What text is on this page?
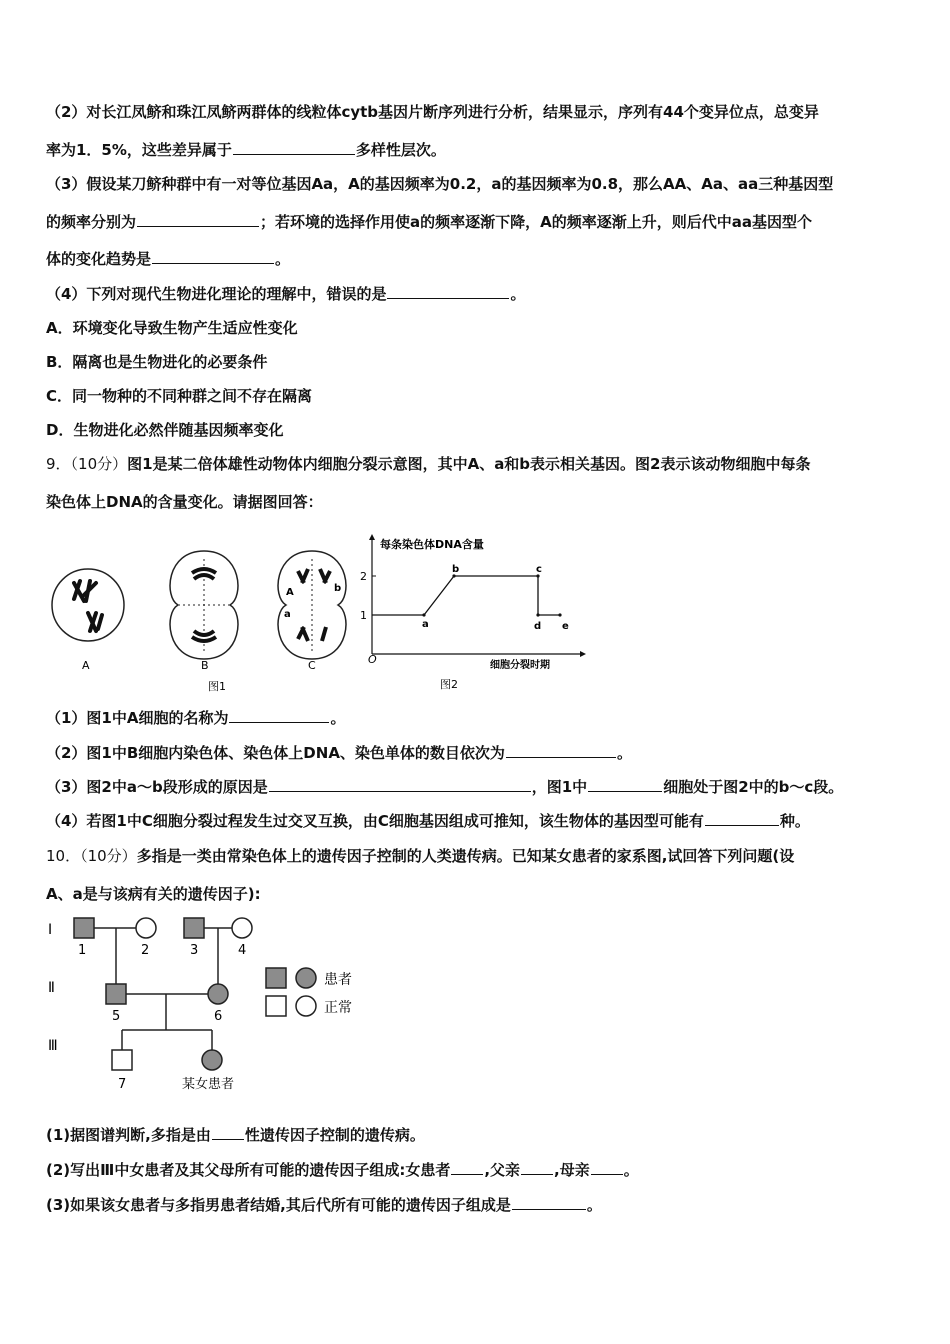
（2）对长江凤鲚和珠江凤鲚两群体的线粒体cytb基因片断序列进行分析，结果显示，序列有44个变异位点，总变异
率为1．5%，这些差异属于	多样性层次。
（3）假设某刀鲚种群中有一对等位基因Aa，A的基因频率为0.2，a的基因频率为0.8，那么AA、Aa、aa三种基因型
的频率分别为	；若环境的选择作用使a的频率逐渐下降，A的频率逐渐上升，则后代中aa基因型个
体的变化趋势是	。
（4）下列对现代生物进化理论的理解中，错误的是	。
A．环境变化导致生物产生适应性变化
B．隔离也是生物进化的必要条件
C．同一物种的不同种群之间不存在隔离
D．生物进化必然伴随基因频率变化
9．（10分）图1是某二倍体雄性动物体内细胞分裂示意图，其中A、a和b表示相关基因。图2表示该动物细胞中每条
染色体上DNA的含量变化。请据图回答：
A	B
A
a
b
C
图1
每条染色体DNA含量
细胞分裂时期
O
1
2
a
b	c
d e
图2
（1）图1中A细胞的名称为	。
（2）图1中B细胞内染色体、染色体上DNA、染色单体的数目依次为	。
（3）图2中a～b段形成的原因是	，图1中	细胞处于图2中的b～c段。
（4）若图1中C细胞分裂过程发生过交叉互换，由C细胞基因组成可推知，该生物体的基因型可能有	种。
10．（10分）多指是一类由常染色体上的遗传因子控制的人类遗传病。已知某女患者的家系图,试回答下列问题(设
A、a是与该病有关的遗传因子):
Ⅰ
Ⅱ
Ⅲ
1	2	3	4
5	6
7	某女患者
患者
正常
(1)据图谱判断,多指是由 性遗传因子控制的遗传病。
(2)写出Ⅲ中女患者及其父母所有可能的遗传因子组成:女患者 ,父亲 ,母亲 。
(3)如果该女患者与多指男患者结婚,其后代所有可能的遗传因子组成是	。
